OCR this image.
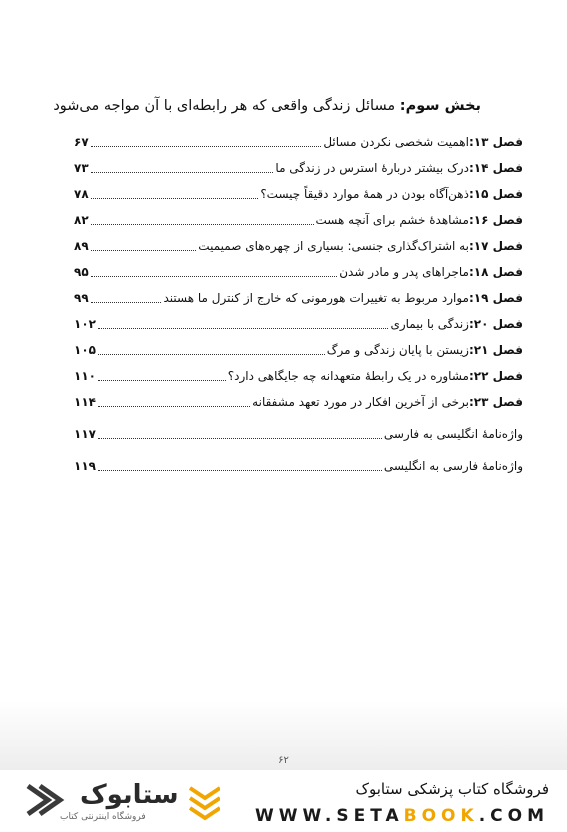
بخش سوم: مسائل زندگی واقعی که هر رابطه‌ای با آن مواجه می‌شود
فصل ۱۳:
اهمیت شخصی نکردن مسائل
۶۷
فصل ۱۴:
درک بیشتر دربارهٔ استرس در زندگی ما
۷۳
فصل ۱۵:
ذهن‌آگاه بودن در همهٔ موارد دقیقاً چیست؟
۷۸
فصل ۱۶:
مشاهدهٔ خشم برای آنچه هست
۸۲
فصل ۱۷:
به اشتراک‌گذاری جنسی: بسیاری از چهره‌های صمیمیت
۸۹
فصل ۱۸:
ماجراهای پدر و مادر شدن
۹۵
فصل ۱۹:
موارد مربوط به تغییرات هورمونی که خارج از کنترل ما هستند
۹۹
فصل ۲۰:
زندگی با بیماری
۱۰۲
فصل ۲۱:
زیستن با پایان زندگی و مرگ
۱۰۵
فصل ۲۲:
مشاوره در یک رابطهٔ متعهدانه چه جایگاهی دارد؟
۱۱۰
فصل ۲۳:
برخی از آخرین افکار در مورد تعهد مشفقانه
۱۱۴
واژه‌نامهٔ انگلیسی به فارسی
۱۱۷
واژه‌نامهٔ فارسی به انگلیسی
۱۱۹
۶۲
فروشگاه کتاب پزشکی ستابوک
WWW.SETABOOK.COM
ستابوک
فروشگاه اینترنتی کتاب
